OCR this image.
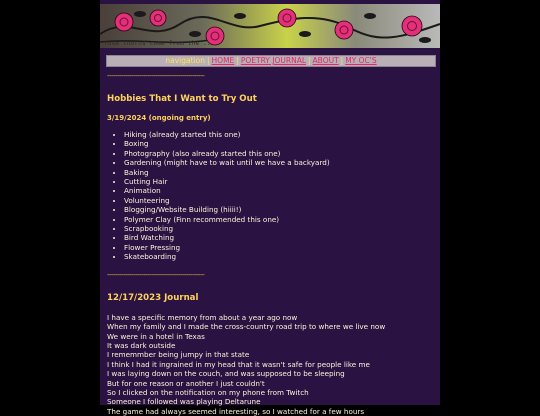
rose thorns come from the ..
navigation | HOME | POETRY JOURNAL | ABOUT | MY OC'S

------------------------------------------------

Hobbies That I Want to Try Out

3/19/2024 (ongoing entry)

• Hiking (already started this one)
• Boxing
• Photography (also already started this one)
• Gardening (might have to wait until we have a backyard)
• Baking
• Cutting Hair
• Animation
• Volunteering
• Blogging/Website Building (hiiii!)
• Polymer Clay (Finn recommended this one)
• Scrapbooking
• Bird Watching
• Flower Pressing
• Skateboarding

------------------------------------------------

12/17/2023 Journal
I have a specific memory from about a year ago now
When my family and I made the cross-country road trip to where we live now
We were in a hotel in Texas
It was dark outside
I rememmber being jumpy in that state
I think I had it ingrained in my head that it wasn't safe for people like me
I was laying down on the couch, and was supposed to be sleeping
But for one reason or another I just couldn't
So I clicked on the notification on my phone from Twitch
Someone I followed was playing Deltarune
The game had always seemed interesting, so I watched for a few hours
